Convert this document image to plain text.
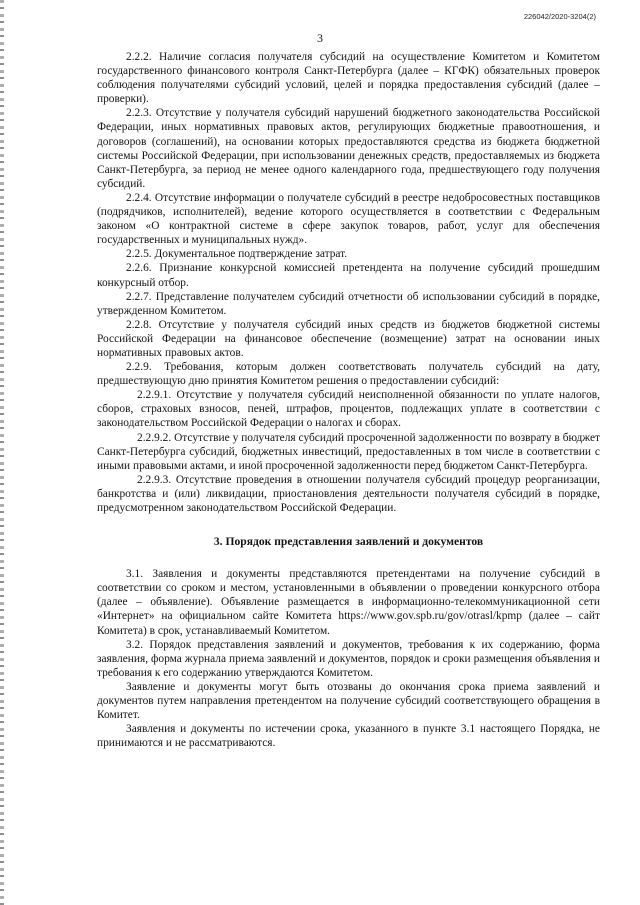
226042/2020-3204(2)
3

2.2.2. Наличие согласия получателя субсидий на осуществление Комитетом и Комитетом государственного финансового контроля Санкт-Петербурга (далее – КГФК) обязательных проверок соблюдения получателями субсидий условий, целей и порядка предоставления субсидий (далее – проверки).

2.2.3. Отсутствие у получателя субсидий нарушений бюджетного законодательства Российской Федерации, иных нормативных правовых актов, регулирующих бюджетные правоотношения, и договоров (соглашений), на основании которых предоставляются средства из бюджета бюджетной системы Российской Федерации, при использовании денежных средств, предоставляемых из бюджета Санкт-Петербурга, за период не менее одного календарного года, предшествующего году получения субсидий.

2.2.4. Отсутствие информации о получателе субсидий в реестре недобросовестных поставщиков (подрядчиков, исполнителей), ведение которого осуществляется в соответствии с Федеральным законом «О контрактной системе в сфере закупок товаров, работ, услуг для обеспечения государственных и муниципальных нужд».

2.2.5. Документальное подтверждение затрат.

2.2.6. Признание конкурсной комиссией претендента на получение субсидий прошедшим конкурсный отбор.

2.2.7. Представление получателем субсидий отчетности об использовании субсидий в порядке, утвержденном Комитетом.

2.2.8. Отсутствие у получателя субсидий иных средств из бюджетов бюджетной системы Российской Федерации на финансовое обеспечение (возмещение) затрат на основании иных нормативных правовых актов.

2.2.9. Требования, которым должен соответствовать получатель субсидий на дату, предшествующую дню принятия Комитетом решения о предоставлении субсидий:

2.2.9.1. Отсутствие у получателя субсидий неисполненной обязанности по уплате налогов, сборов, страховых взносов, пеней, штрафов, процентов, подлежащих уплате в соответствии с законодательством Российской Федерации о налогах и сборах.

2.2.9.2. Отсутствие у получателя субсидий просроченной задолженности по возврату в бюджет Санкт-Петербурга субсидий, бюджетных инвестиций, предоставленных в том числе в соответствии с иными правовыми актами, и иной просроченной задолженности перед бюджетом Санкт-Петербурга.

2.2.9.3. Отсутствие проведения в отношении получателя субсидий процедур реорганизации, банкротства и (или) ликвидации, приостановления деятельности получателя субсидий в порядке, предусмотренном законодательством Российской Федерации.

3. Порядок представления заявлений и документов

3.1. Заявления и документы представляются претендентами на получение субсидий в соответствии со сроком и местом, установленными в объявлении о проведении конкурсного отбора (далее – объявление). Объявление размещается в информационно-телекоммуникационной сети «Интернет» на официальном сайте Комитета https://www.gov.spb.ru/gov/otrasl/kpmp (далее – сайт Комитета) в срок, устанавливаемый Комитетом.

3.2. Порядок представления заявлений и документов, требования к их содержанию, форма заявления, форма журнала приема заявлений и документов, порядок и сроки размещения объявления и требования к его содержанию утверждаются Комитетом.

Заявление и документы могут быть отозваны до окончания срока приема заявлений и документов путем направления претендентом на получение субсидий соответствующего обращения в Комитет.

Заявления и документы по истечении срока, указанного в пункте 3.1 настоящего Порядка, не принимаются и не рассматриваются.
